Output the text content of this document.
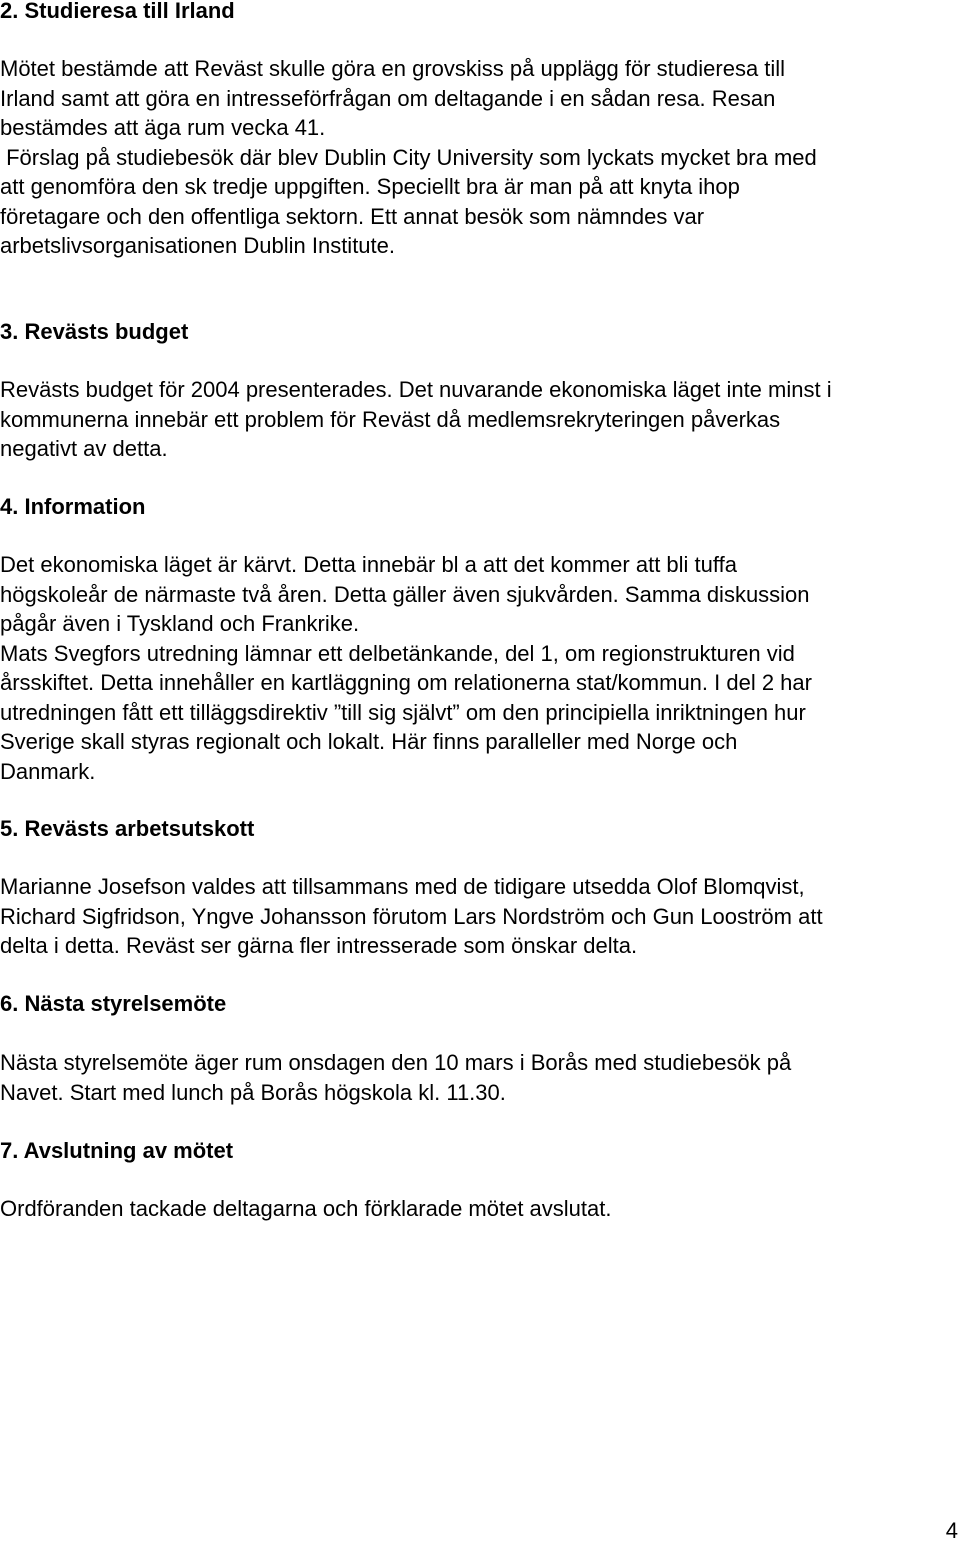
2. Studieresa till Irland
Mötet bestämde att Reväst skulle göra en grovskiss på upplägg för studieresa till
Irland samt att göra en intresseförfrågan om deltagande i en sådan resa. Resan
bestämdes att äga rum vecka 41.
Förslag på studiebesök där blev Dublin City University som lyckats mycket bra med
att genomföra den sk tredje uppgiften. Speciellt bra är man på att knyta ihop
företagare och den offentliga sektorn. Ett annat besök som nämndes var
arbetslivsorganisationen Dublin Institute.
3. Revästs budget
Revästs budget för 2004 presenterades. Det nuvarande ekonomiska läget inte minst i
kommunerna innebär ett problem för Reväst då medlemsrekryteringen påverkas
negativt av detta.
4. Information
Det ekonomiska läget är kärvt. Detta innebär bl a att det kommer att bli tuffa
högskoleår de närmaste två åren. Detta gäller även sjukvården. Samma diskussion
pågår även i Tyskland och Frankrike.
Mats Svegfors utredning lämnar ett delbetänkande, del 1, om regionstrukturen vid
årsskiftet. Detta innehåller en kartläggning om relationerna stat/kommun. I del 2 har
utredningen fått ett tilläggsdirektiv ”till sig självt” om den principiella inriktningen hur
Sverige skall styras regionalt och lokalt. Här finns paralleller med Norge och
Danmark.
5. Revästs arbetsutskott
Marianne Josefson valdes att tillsammans med de tidigare utsedda Olof Blomqvist,
Richard Sigfridson, Yngve Johansson förutom Lars Nordström och Gun Looström att
delta i detta. Reväst ser gärna fler intresserade som önskar delta.
6. Nästa styrelsemöte
Nästa styrelsemöte äger rum onsdagen den 10 mars i Borås med studiebesök på
Navet. Start med lunch på Borås högskola kl. 11.30.
7. Avslutning av mötet
Ordföranden tackade deltagarna och förklarade mötet avslutat.
4
